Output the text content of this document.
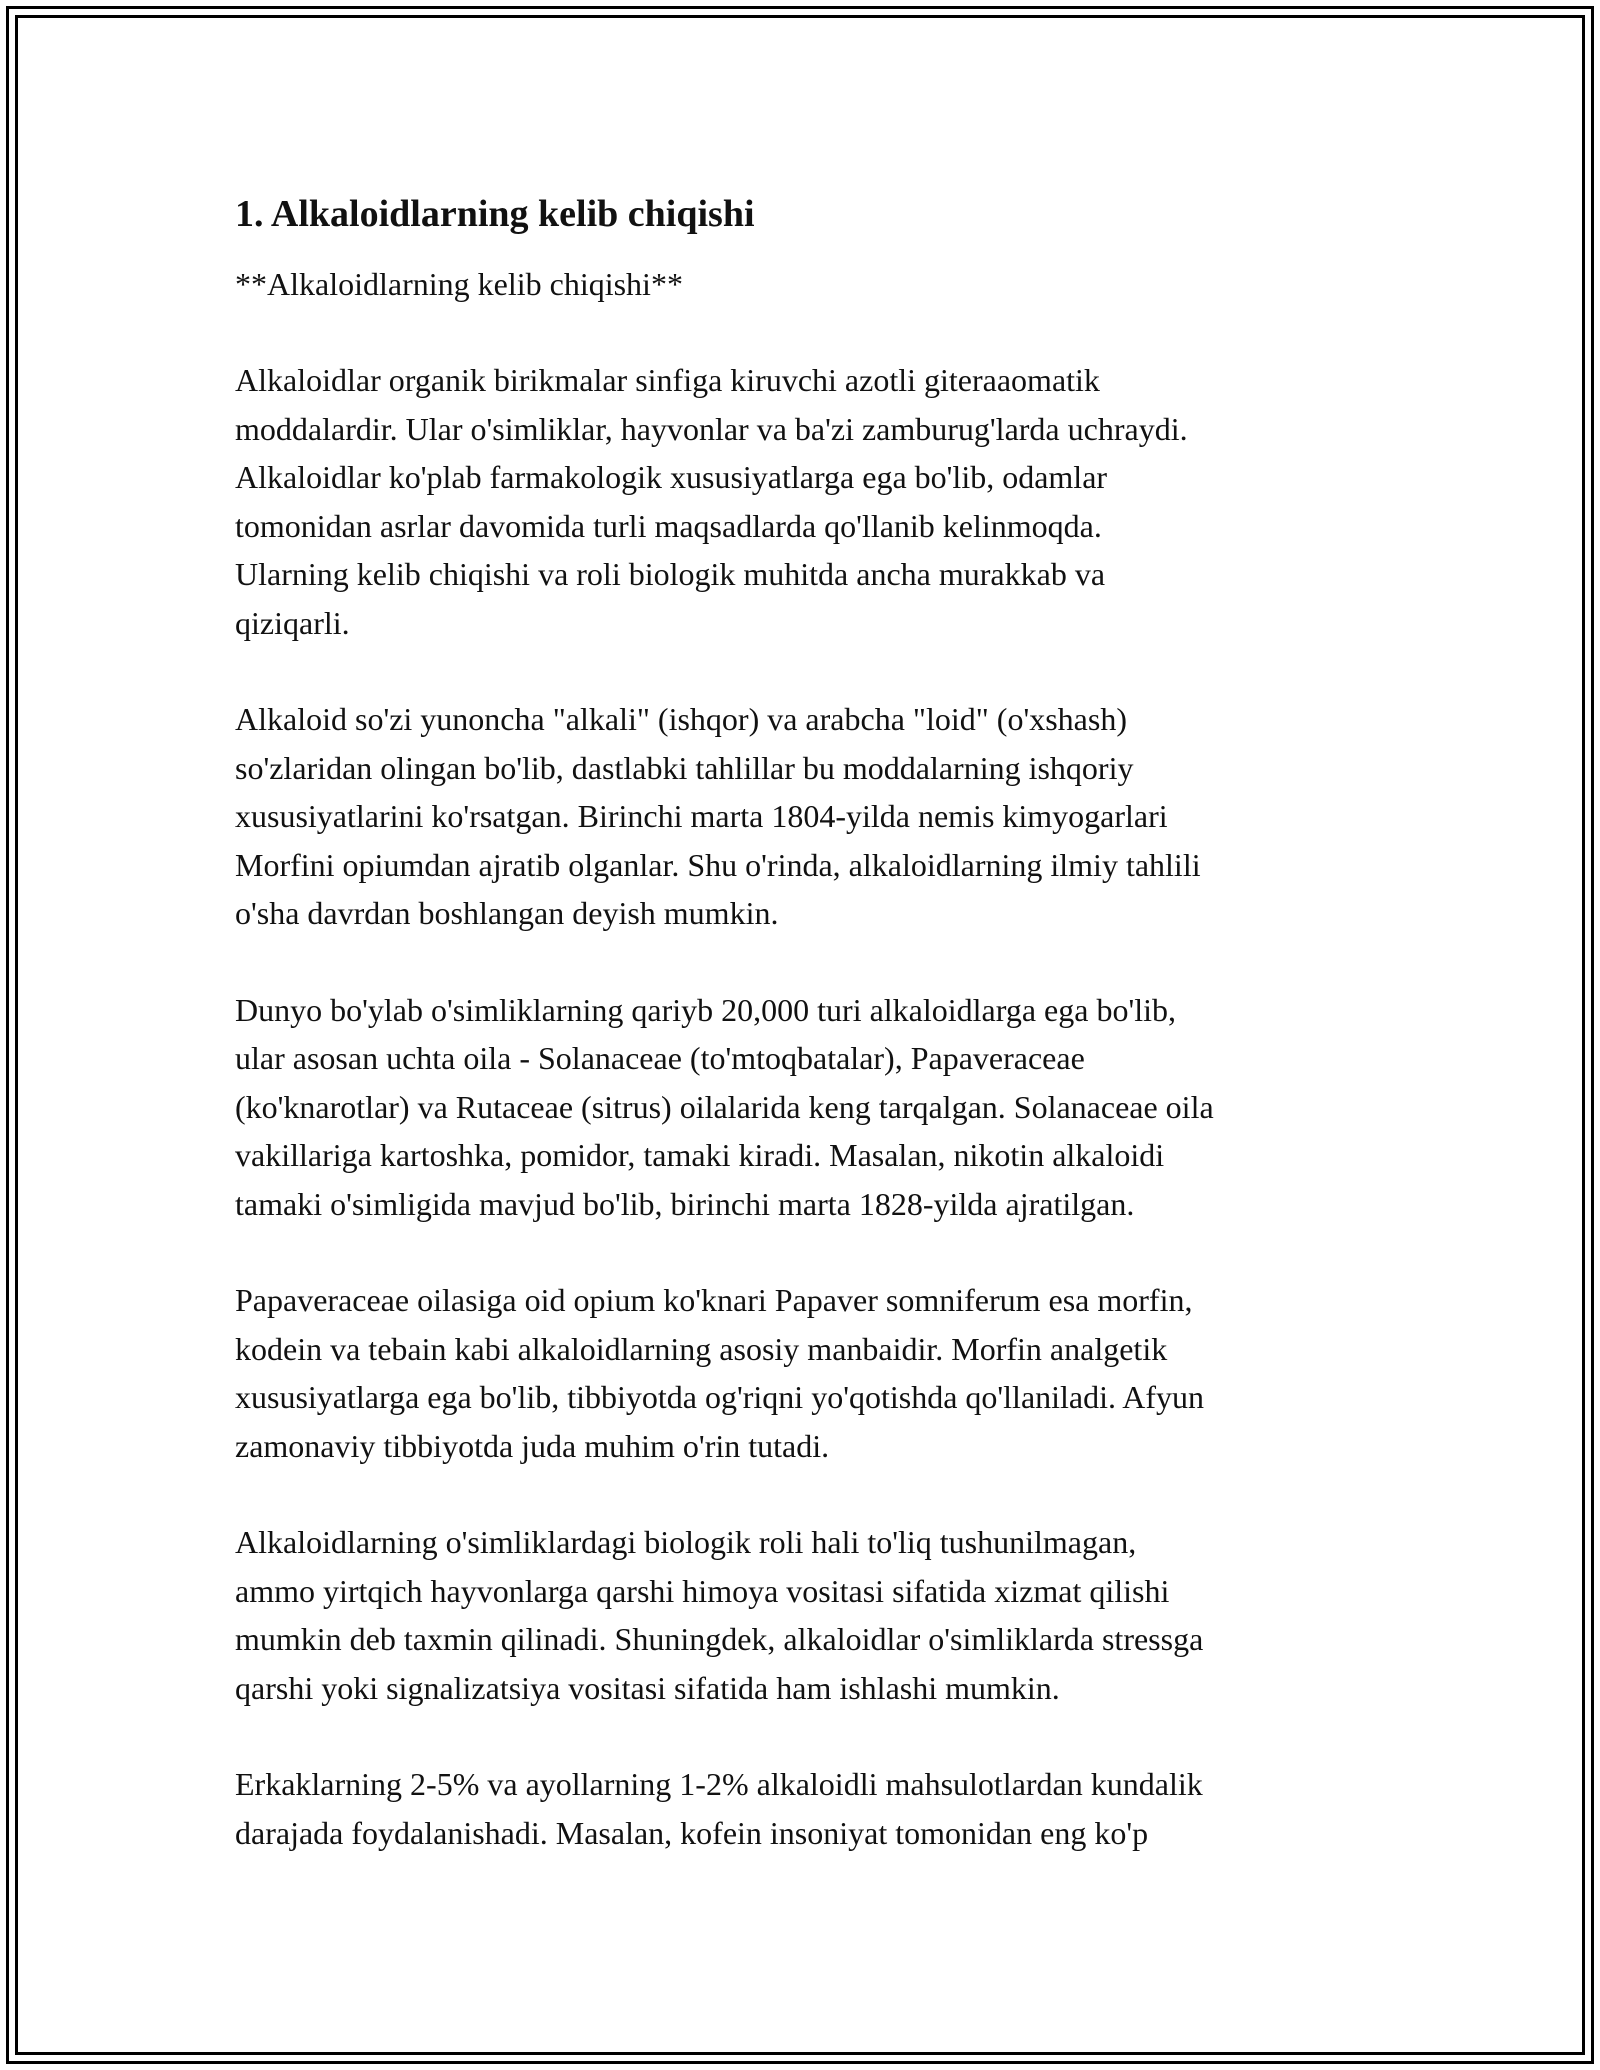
1. Alkaloidlarning kelib chiqishi
**Alkaloidlarning kelib chiqishi**

Alkaloidlar organik birikmalar sinfiga kiruvchi azotli giteraaomatik
moddalardir. Ular o'simliklar, hayvonlar va ba'zi zamburug'larda uchraydi.
Alkaloidlar ko'plab farmakologik xususiyatlarga ega bo'lib, odamlar
tomonidan asrlar davomida turli maqsadlarda qo'llanib kelinmoqda.
Ularning kelib chiqishi va roli biologik muhitda ancha murakkab va
qiziqarli.

Alkaloid so'zi yunoncha "alkali" (ishqor) va arabcha "loid" (o'xshash)
so'zlaridan olingan bo'lib, dastlabki tahlillar bu moddalarning ishqoriy
xususiyatlarini ko'rsatgan. Birinchi marta 1804-yilda nemis kimyogarlari
Morfini opiumdan ajratib olganlar. Shu o'rinda, alkaloidlarning ilmiy tahlili
o'sha davrdan boshlangan deyish mumkin.

Dunyo bo'ylab o'simliklarning qariyb 20,000 turi alkaloidlarga ega bo'lib,
ular asosan uchta oila - Solanaceae (to'mtoqbatalar), Papaveraceae
(ko'knarotlar) va Rutaceae (sitrus) oilalarida keng tarqalgan. Solanaceae oila
vakillariga kartoshka, pomidor, tamaki kiradi. Masalan, nikotin alkaloidi
tamaki o'simligida mavjud bo'lib, birinchi marta 1828-yilda ajratilgan.

Papaveraceae oilasiga oid opium ko'knari Papaver somniferum esa morfin,
kodein va tebain kabi alkaloidlarning asosiy manbaidir. Morfin analgetik
xususiyatlarga ega bo'lib, tibbiyotda og'riqni yo'qotishda qo'llaniladi. Afyun
zamonaviy tibbiyotda juda muhim o'rin tutadi.

Alkaloidlarning o'simliklardagi biologik roli hali to'liq tushunilmagan,
ammo yirtqich hayvonlarga qarshi himoya vositasi sifatida xizmat qilishi
mumkin deb taxmin qilinadi. Shuningdek, alkaloidlar o'simliklarda stressga
qarshi yoki signalizatsiya vositasi sifatida ham ishlashi mumkin.

Erkaklarning 2-5% va ayollarning 1-2% alkaloidli mahsulotlardan kundalik
darajada foydalanishadi. Masalan, kofein insoniyat tomonidan eng ko'p
